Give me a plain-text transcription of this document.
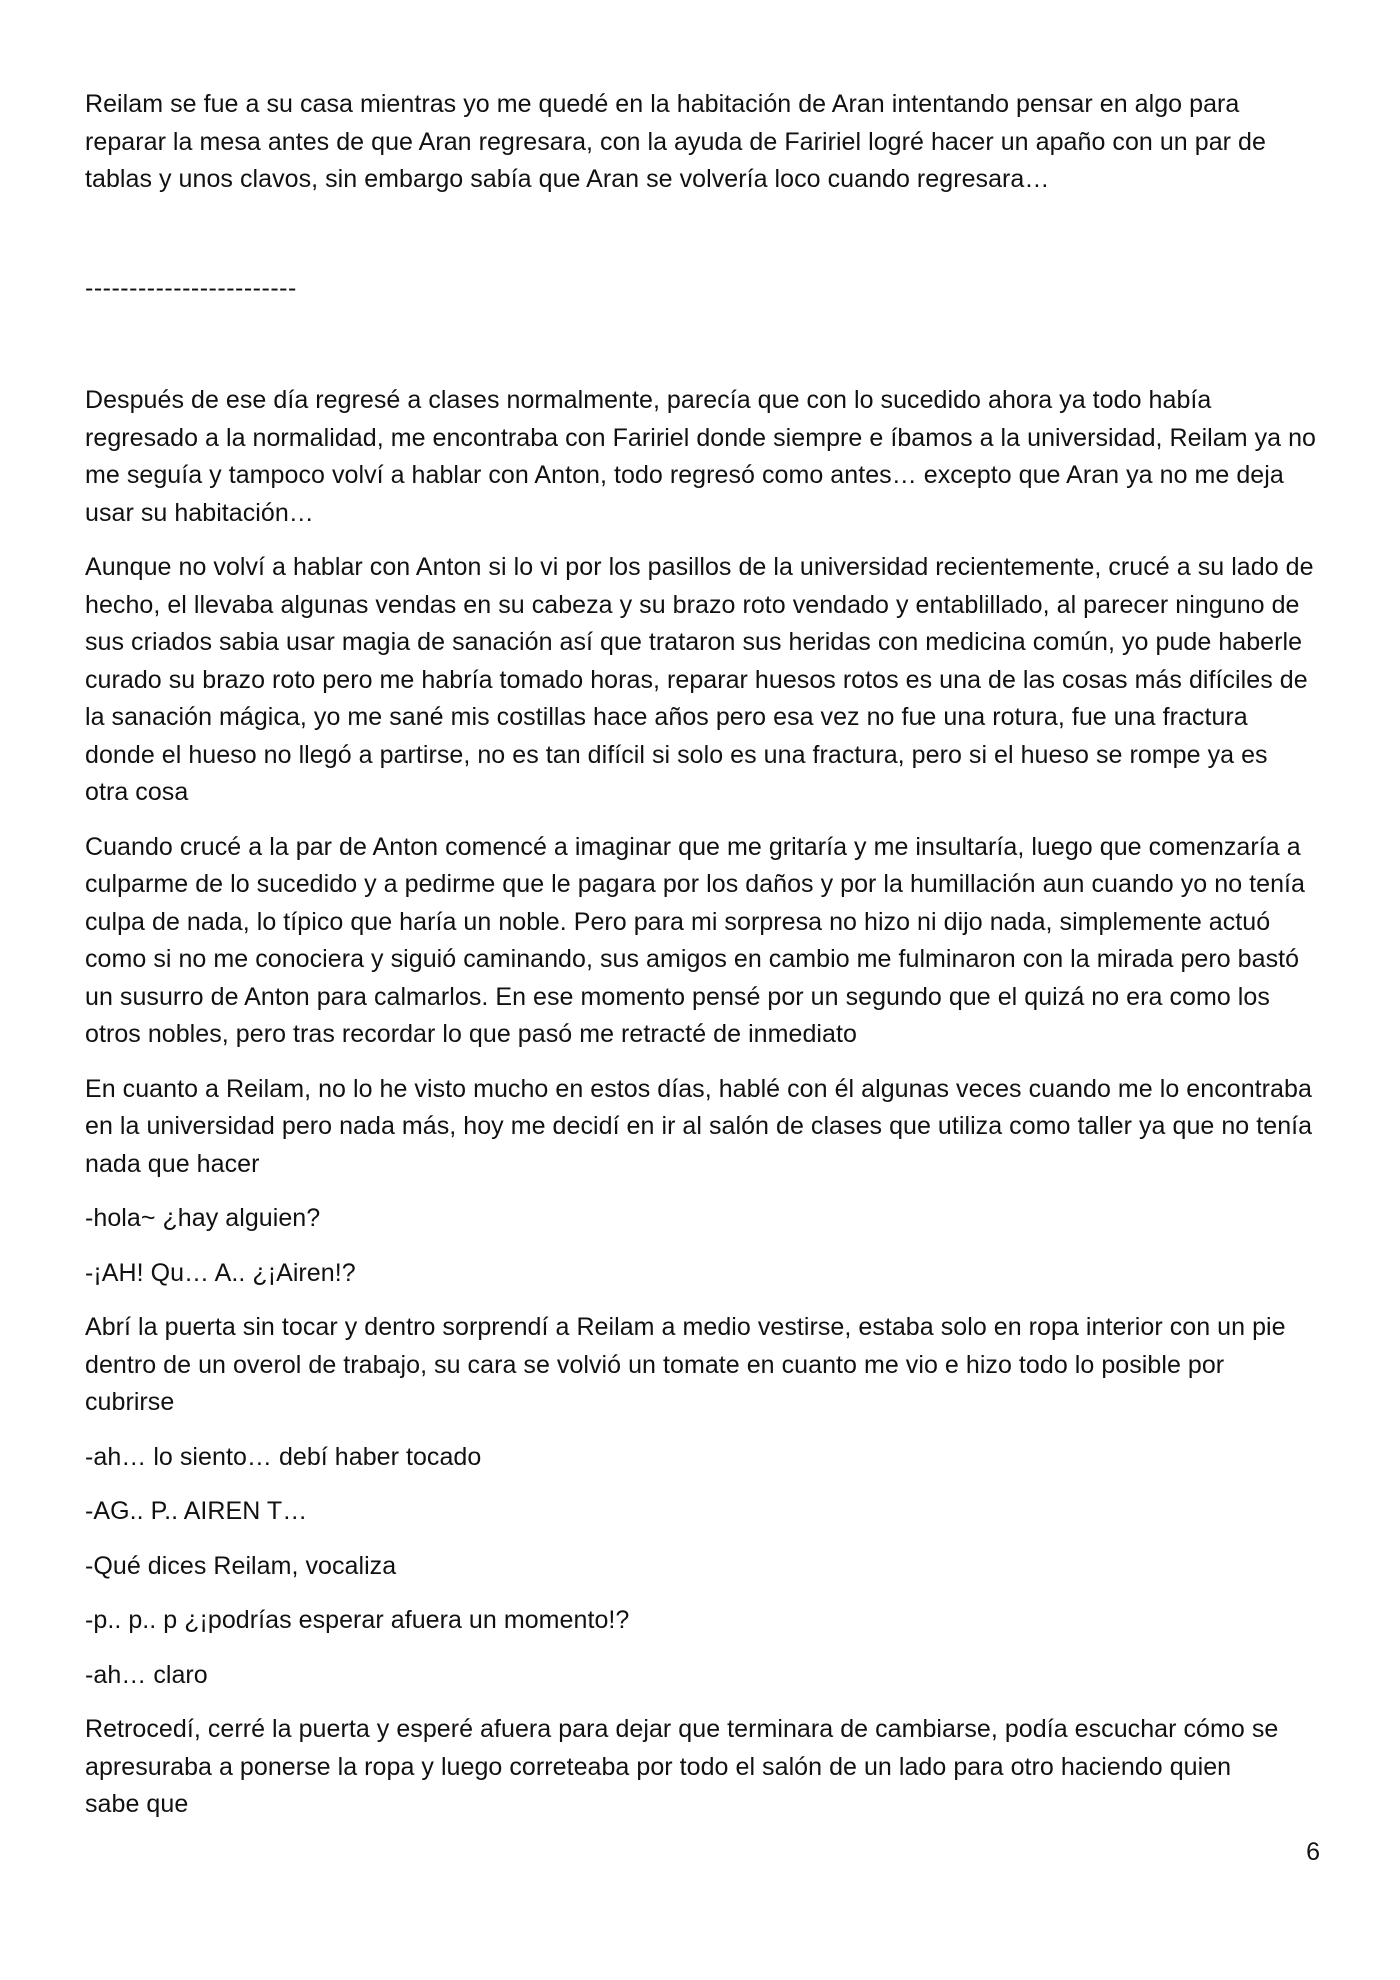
Reilam se fue a su casa mientras yo me quedé en la habitación de Aran intentando pensar en algo para reparar la mesa antes de que Aran regresara, con la ayuda de Faririel logré hacer un apaño con un par de tablas y unos clavos, sin embargo sabía que Aran se volvería loco cuando regresara…

------------------------

Después de ese día regresé a clases normalmente, parecía que con lo sucedido ahora ya todo había regresado a la normalidad, me encontraba con Faririel donde siempre e íbamos a la universidad, Reilam ya no me seguía y tampoco volví a hablar con Anton, todo regresó como antes… excepto que Aran ya no me deja usar su habitación…

Aunque no volví a hablar con Anton si lo vi por los pasillos de la universidad recientemente, crucé a su lado de hecho, el llevaba algunas vendas en su cabeza y su brazo roto vendado y entablillado, al parecer ninguno de sus criados sabia usar magia de sanación así que trataron sus heridas con medicina común, yo pude haberle curado su brazo roto pero me habría tomado horas, reparar huesos rotos es una de las cosas más difíciles de la sanación mágica, yo me sané mis costillas hace años pero esa vez no fue una rotura, fue una fractura donde el hueso no llegó a partirse, no es tan difícil si solo es una fractura, pero si el hueso se rompe ya es otra cosa

Cuando crucé a la par de Anton comencé a imaginar que me gritaría y me insultaría, luego que comenzaría a culparme de lo sucedido y a pedirme que le pagara por los daños y por la humillación aun cuando yo no tenía culpa de nada, lo típico que haría un noble. Pero para mi sorpresa no hizo ni dijo nada, simplemente actuó como si no me conociera y siguió caminando, sus amigos en cambio me fulminaron con la mirada pero bastó un susurro de Anton para calmarlos. En ese momento pensé por un segundo que el quizá no era como los otros nobles, pero tras recordar lo que pasó me retracté de inmediato

En cuanto a Reilam, no lo he visto mucho en estos días, hablé con él algunas veces cuando me lo encontraba en la universidad pero nada más, hoy me decidí en ir al salón de clases que utiliza como taller ya que no tenía nada que hacer

-hola~ ¿hay alguien?

-¡AH! Qu… A.. ¿¡Airen!?

Abrí la puerta sin tocar y dentro sorprendí a Reilam a medio vestirse, estaba solo en ropa interior con un pie dentro de un overol de trabajo, su cara se volvió un tomate en cuanto me vio e hizo todo lo posible por cubrirse

-ah… lo siento… debí haber tocado

-AG.. P.. AIREN T…

-Qué dices Reilam, vocaliza

-p.. p.. p ¿¡podrías esperar afuera un momento!?

-ah… claro

Retrocedí, cerré la puerta y esperé afuera para dejar que terminara de cambiarse, podía escuchar cómo se apresuraba a ponerse la ropa y luego correteaba por todo el salón de un lado para otro haciendo quien sabe que

6
